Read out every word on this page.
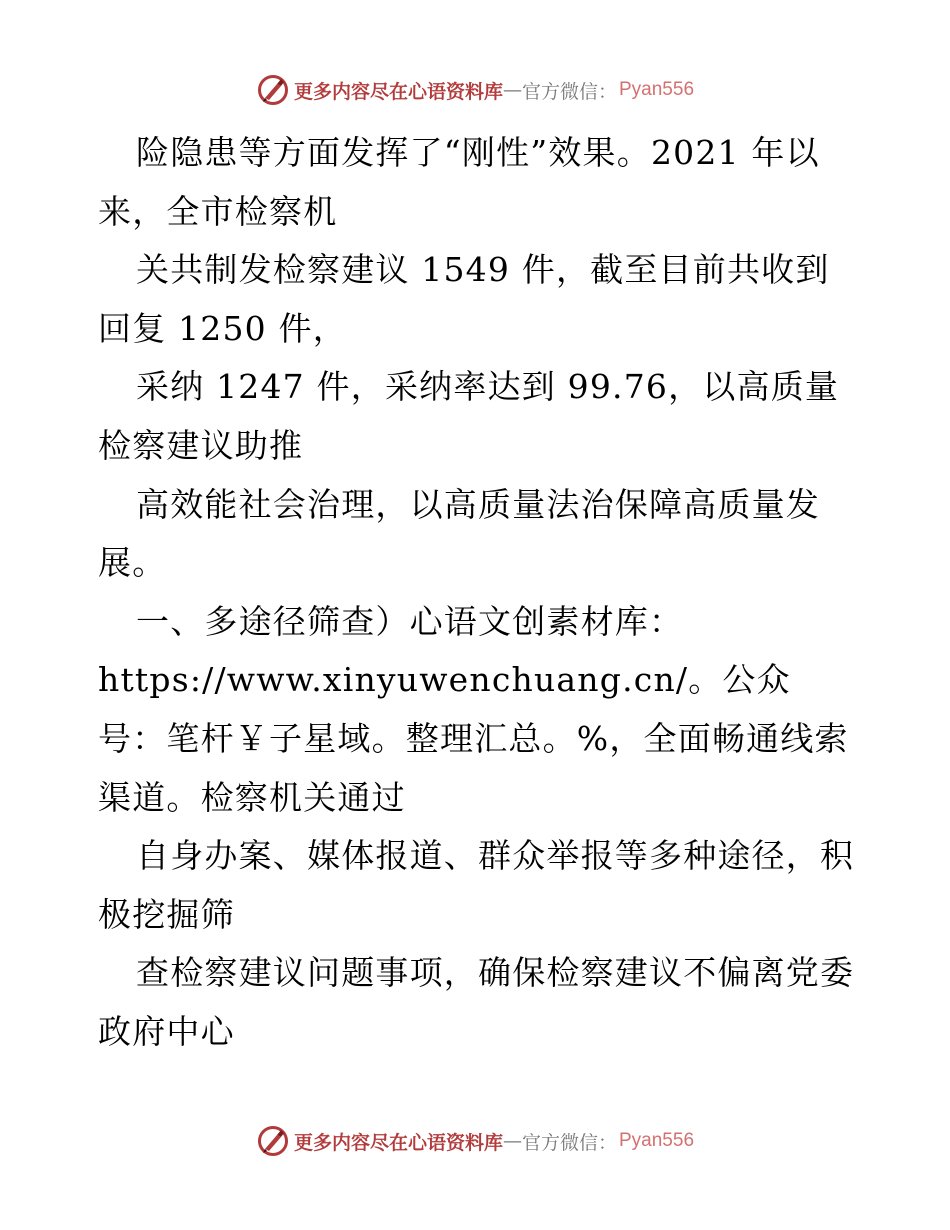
更多内容尽在心语资料库 — 官方微信： Pyan556

险隐患等方面发挥了“刚性”效果。2021 年以来，全市检察机

关共制发检察建议 1549 件，截至目前共收到回复 1250 件，

采纳 1247 件，采纳率达到 99.76，以高质量检察建议助推

高效能社会治理，以高质量法治保障高质量发展。

一、多途径筛查）心语文创素材库：https://www.xinyuwenchuang.cn/。公众号：笔杆￥子星域。整理汇总。%，全面畅通线索渠道。检察机关通过

自身办案、媒体报道、群众举报等多种途径，积极挖掘筛

查检察建议问题事项，确保检察建议不偏离党委政府中心

更多内容尽在心语资料库 — 官方微信： Pyan556
